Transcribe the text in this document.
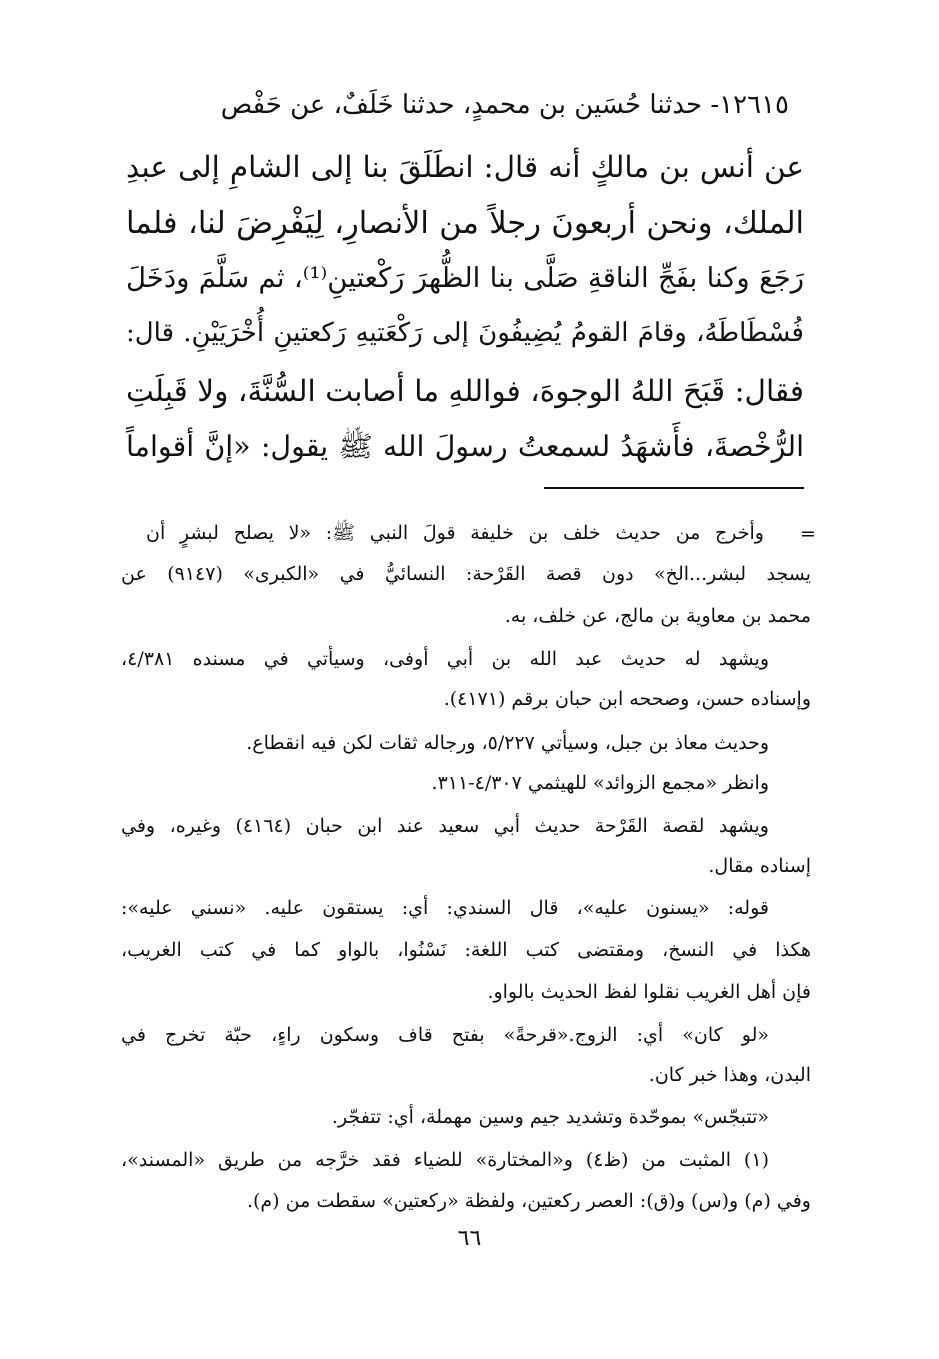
١٢٦١٥- حدثنا حُسَين بن محمدٍ، حدثنا خَلَفٌ، عن حَفْص
عن أنس بن مالكٍ أنه قال: انطَلَقَ بنا إلى الشامِ إلى عبدِ
الملك، ونحن أربعونَ رجلاً من الأنصارِ، لِيَفْرِضَ لنا، فلما
رَجَعَ وكنا بفَجِّ الناقةِ صَلَّى بنا الظُّهرَ رَكْعتينِ⁽¹⁾، ثم سَلَّمَ ودَخَلَ
فُسْطَاطَهُ، وقامَ القومُ يُضِيفُونَ إلى رَكْعَتيهِ رَكعتينِ أُخْرَيَيْنِ. قال:
فقال: قَبَحَ اللهُ الوجوهَ، فواللهِ ما أصابت السُّنَّةَ، ولا قَبِلَتِ
الرُّخْصةَ، فأَشهَدُ لسمعتُ رسولَ الله ﷺ يقول: «إنَّ أقواماً
=
وأخرج من حديث خلف بن خليفة قولَ النبي ﷺ: «لا يصلح لبشرٍ أن
يسجد لبشر...الخ» دون قصة القَرْحة: النسائيُّ في «الكبرى» (٩١٤٧) عن
محمد بن معاوية بن مالج، عن خلف، به.
ويشهد له حديث عبد الله بن أبي أوفى، وسيأتي في مسنده ٤/٣٨١،
وإسناده حسن، وصححه ابن حبان برقم (٤١٧١).
وحديث معاذ بن جبل، وسيأتي ٥/٢٢٧، ورجاله ثقات لكن فيه انقطاع.
وانظر «مجمع الزوائد» للهيثمي ٤/٣٠٧-٣١١.
ويشهد لقصة القَرْحة حديث أبي سعيد عند ابن حبان (٤١٦٤) وغيره، وفي
إسناده مقال.
قوله: «يسنون عليه»، قال السندي: أي: يستقون عليه. «نسني عليه»:
هكذا في النسخ، ومقتضى كتب اللغة: نَسْنُوا، بالواو كما في كتب الغريب،
فإن أهل الغريب نقلوا لفظ الحديث بالواو.
«لو كان» أي: الزوج.«قرحةً» بفتح قاف وسكون راءٍ، حبّة تخرج في
البدن، وهذا خبر كان.
«تتبجّس» بموحّدة وتشديد جيم وسين مهملة، أي: تتفجّر.
(١) المثبت من (ظ٤) و«المختارة» للضياء فقد خرَّجه من طريق «المسند»،
وفي (م) و(س) و(ق): العصر ركعتين، ولفظة «ركعتين» سقطت من (م).
٦٦
